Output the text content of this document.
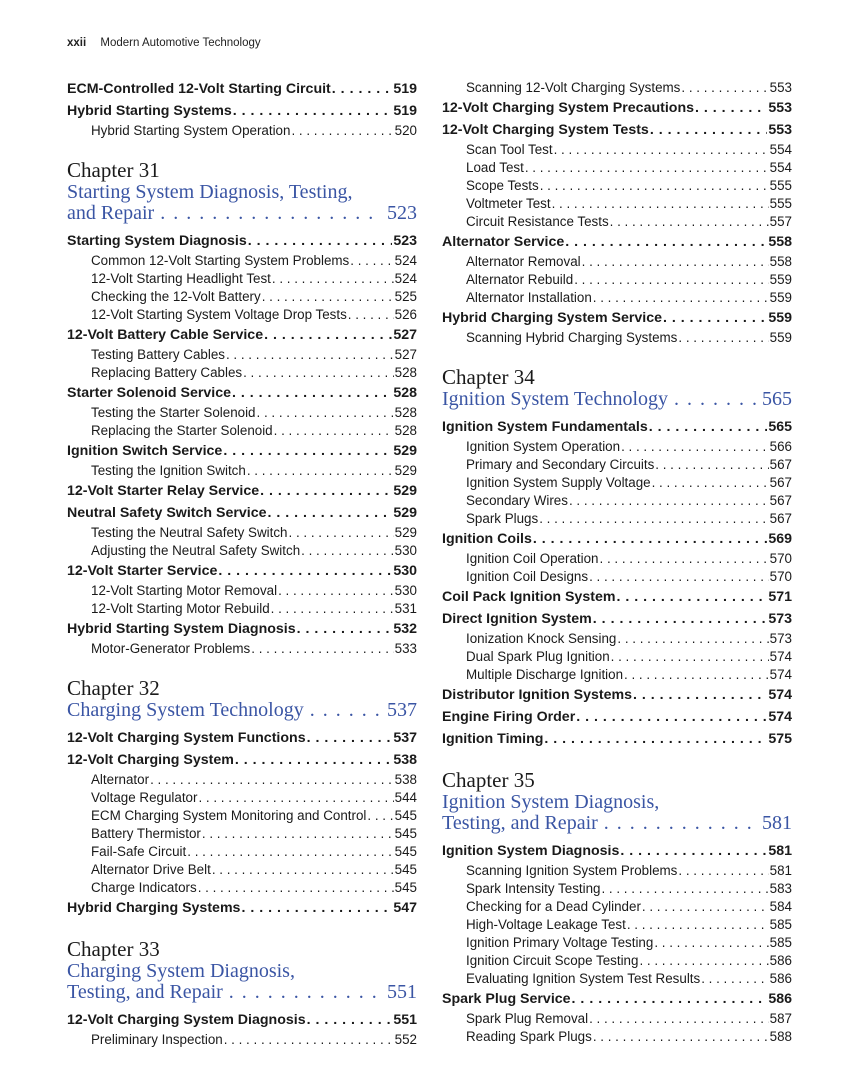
xxii Modern Automotive Technology
ECM-Controlled 12-Volt Starting Circuit . . .	519
Hybrid Starting Systems . . .	519
Hybrid Starting System Operation . . .	520
Chapter 31
Starting System Diagnosis, Testing,
and Repair . . .	523
Starting System Diagnosis . . .	523
Common 12-Volt Starting System Problems . . .	524
12-Volt Starting Headlight Test . . .	524
Checking the 12-Volt Battery . . .	525
12-Volt Starting System Voltage Drop Tests . . .	526
12-Volt Battery Cable Service . . .	527
Testing Battery Cables . . .	527
Replacing Battery Cables . . .	528
Starter Solenoid Service . . .	528
Testing the Starter Solenoid . . .	528
Replacing the Starter Solenoid . . .	528
Ignition Switch Service . . .	529
Testing the Ignition Switch . . .	529
12-Volt Starter Relay Service . . .	529
Neutral Safety Switch Service . . .	529
Testing the Neutral Safety Switch . . .	529
Adjusting the Neutral Safety Switch . . .	530
12-Volt Starter Service . . .	530
12-Volt Starting Motor Removal . . .	530
12-Volt Starting Motor Rebuild . . .	531
Hybrid Starting System Diagnosis . . .	532
Motor-Generator Problems . . .	533
Chapter 32
Charging System Technology . . .	537
12-Volt Charging System Functions . . .	537
12-Volt Charging System . . .	538
Alternator . . .	538
Voltage Regulator . . .	544
ECM Charging System Monitoring and Control . . . 545
Battery Thermistor . . .	545
Fail-Safe Circuit . . .	545
Alternator Drive Belt . . .	545
Charge Indicators . . .	545
Hybrid Charging Systems . . .	547
Chapter 33
Charging System Diagnosis,
Testing, and Repair . . .	551
12-Volt Charging System Diagnosis . . .	551
Preliminary Inspection . . .	552
Scanning 12-Volt Charging Systems . . .	553
12-Volt Charging System Precautions . . .	553
12-Volt Charging System Tests . . .	553
Scan Tool Test . . .	554
Load Test . . .	554
Scope Tests . . .	555
Voltmeter Test . . .	555
Circuit Resistance Tests . . .	557
Alternator Service . . .	558
Alternator Removal . . .	558
Alternator Rebuild . . .	559
Alternator Installation . . .	559
Hybrid Charging System Service . . .	559
Scanning Hybrid Charging Systems . . .	559
Chapter 34
Ignition System Technology . . .	565
Ignition System Fundamentals . . .	565
Ignition System Operation . . .	566
Primary and Secondary Circuits . . .	567
Ignition System Supply Voltage . . .	567
Secondary Wires . . .	567
Spark Plugs . . .	567
Ignition Coils . . .	569
Ignition Coil Operation . . .	570
Ignition Coil Designs . . .	570
Coil Pack Ignition System . . .	571
Direct Ignition System . . .	573
Ionization Knock Sensing . . .	573
Dual Spark Plug Ignition . . .	574
Multiple Discharge Ignition . . .	574
Distributor Ignition Systems . . .	574
Engine Firing Order . . .	574
Ignition Timing . . .	575
Chapter 35
Ignition System Diagnosis,
Testing, and Repair . . .	581
Ignition System Diagnosis . . .	581
Scanning Ignition System Problems . . .	581
Spark Intensity Testing . . .	583
Checking for a Dead Cylinder . . .	584
High-Voltage Leakage Test . . .	585
Ignition Primary Voltage Testing . . .	585
Ignition Circuit Scope Testing . . .	586
Evaluating Ignition System Test Results . . .	586
Spark Plug Service . . .	586
Spark Plug Removal . . .	587
Reading Spark Plugs . . .	588
